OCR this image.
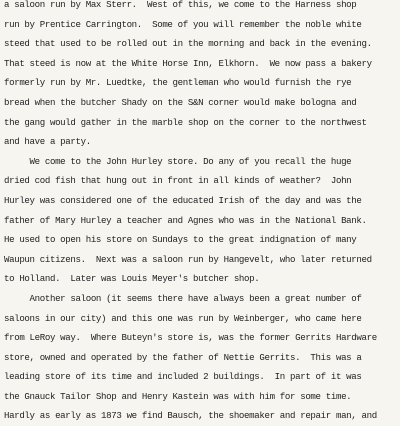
a saloon run by Max Sterr.  West of this, we come to the Harness shop
run by Prentice Carrington.  Some of you will remember the noble white
steed that used to be rolled out in the morning and back in the evening.
That steed is now at the White Horse Inn, Elkhorn.  We now pass a bakery
formerly run by Mr. Luedtke, the gentleman who would furnish the rye
bread when the butcher Shady on the S&N corner would make bologna and
the gang would gather in the marble shop on the corner to the northwest
and have a party.
We come to the John Hurley store. Do any of you recall the huge
dried cod fish that hung out in front in all kinds of weather?  John
Hurley was considered one of the educated Irish of the day and was the
father of Mary Hurley a teacher and Agnes who was in the National Bank.
He used to open his store on Sundays to the great indignation of many
Waupun citizens.  Next was a saloon run by Hangevelt, who later returned
to Holland.  Later was Louis Meyer's butcher shop.
Another saloon (it seems there have always been a great number of
saloons in our city) and this one was run by Weinberger, who came here
from LeRoy way.  Where Buteyn's store is, was the former Gerrits Hardware
store, owned and operated by the father of Nettie Gerrits.  This was a
leading store of its time and included 2 buildings.  In part of it was
the Gnauck Tailor Shop and Henry Kastein was with him for some time.
Hardly as early as 1873 we find Bausch, the shoemaker and repair man, and
